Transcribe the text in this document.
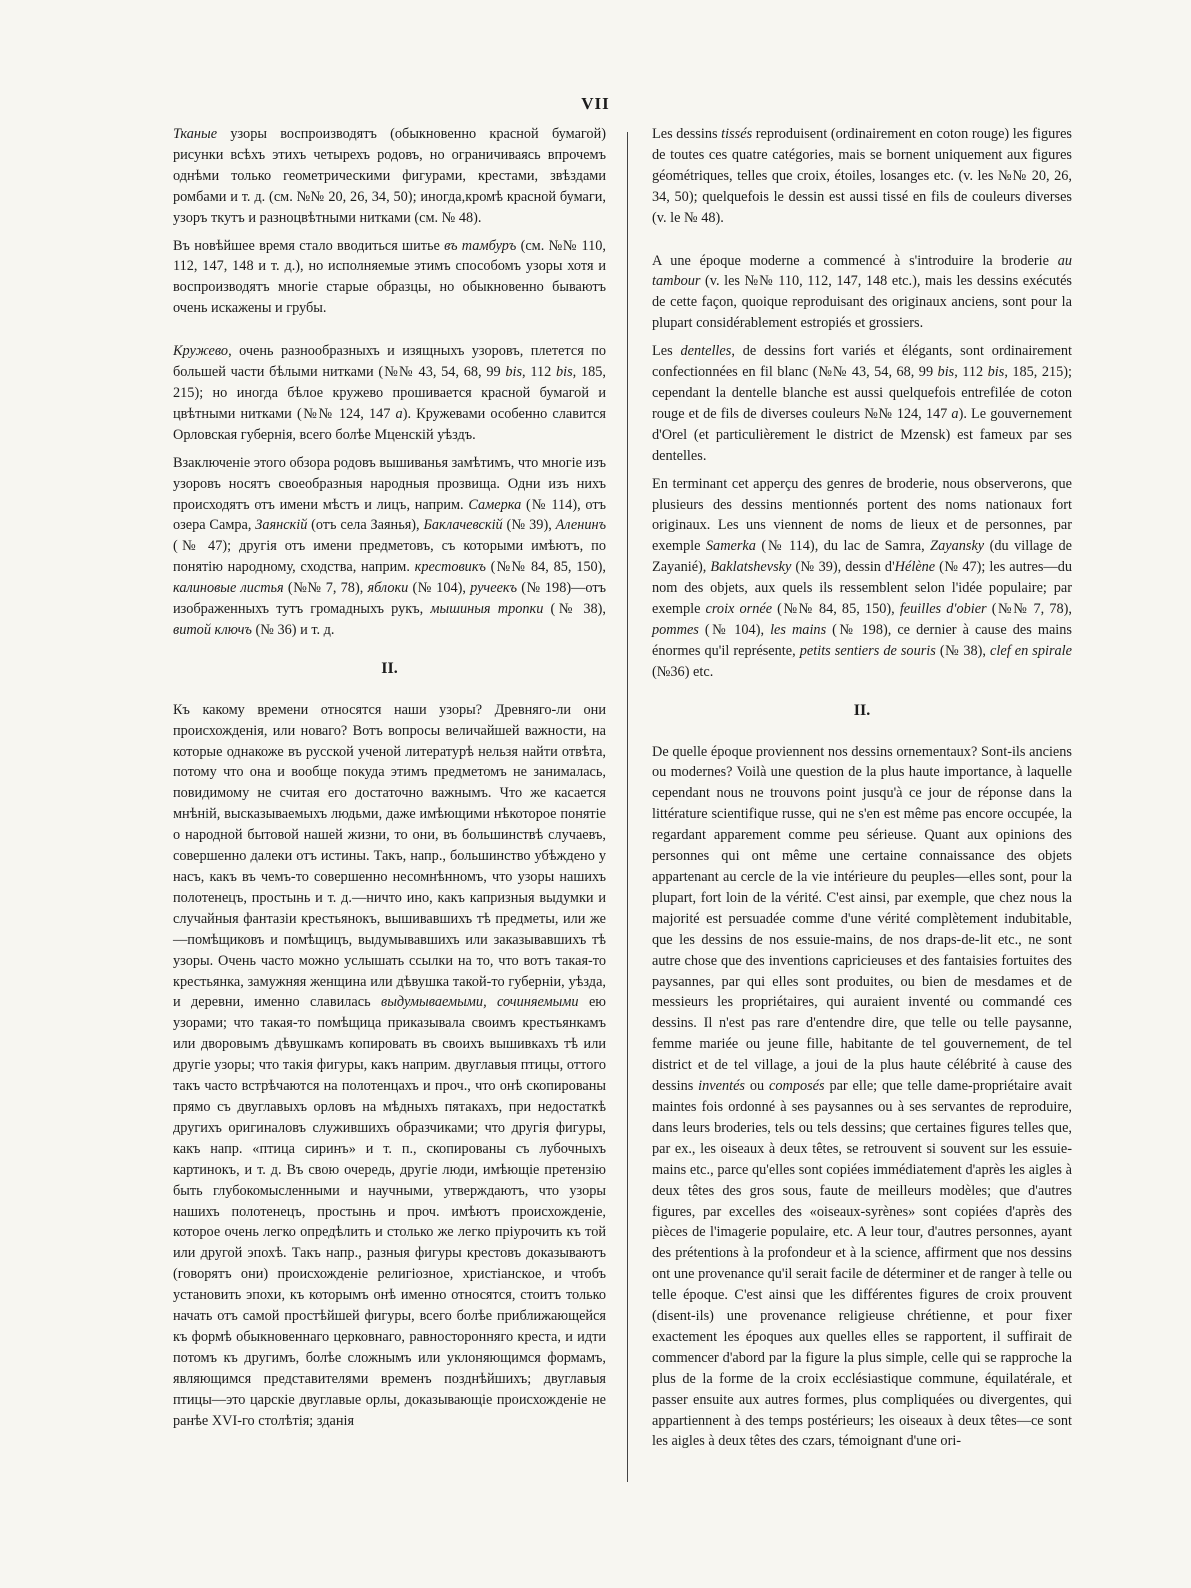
VII

Тканые узоры воспроизводятъ (обыкновенно красной бумагой) рисунки всѣхъ этихъ четырехъ родовъ, но ограничиваясь впрочемъ однѣми только геометрическими фигурами, крестами, звѣздами ромбами и т. д. (см. №№ 20, 26, 34, 50); иногда,кромѣ красной бумаги, узоръ ткутъ и разноцвѣтными нитками (см. № 48).

Въ новѣйшее время стало вводиться шитье въ тамбуръ (см. №№ 110, 112, 147, 148 и т. д.), но исполняемые этимъ способомъ узоры хотя и воспроизводятъ многiе старые образцы, но обыкновенно бываютъ очень искажены и грубы.

Кружево, очень разнообразныхъ и изящныхъ узоровъ, плетется по большей части бѣлыми нитками (№№ 43, 54, 68, 99 bis, 112 bis, 185, 215); но иногда бѣлое кружево прошивается красной бумагой и цвѣтными нитками (№№ 124, 147 а). Кружевами особенно славится Орловская губернія, всего болѣе Мценскій уѣздъ.

Взаключеніе этого обзора родовъ вышиванья замѣтимъ, что многіе изъ узоровъ носятъ своеобразныя народныя прозвища. Одни изъ нихъ происходятъ отъ имени мѣстъ и лицъ, наприм. Самерка (№ 114), отъ озера Самра, Заянскій (отъ села Заянья), Баклачевскій (№ 39), Аленинъ (№ 47); другія отъ имени предметовъ, съ которыми имѣютъ, по понятію народному, сходства, наприм. крестовикъ (№№ 84, 85, 150), калиновые листья (№№ 7, 78), яблоки (№ 104), ручеекъ (№ 198)—отъ изображенныхъ тутъ громадныхъ рукъ, мышиныя тропки (№ 38), витой ключъ (№ 36) и т. д.

II.

Къ какому времени относятся наши узоры? Древняго-ли они происхожденія, или новаго? Вотъ вопросы величайшей важности, на которые однакоже въ русской ученой литературѣ нельзя найти отвѣта, потому что она и вообще покуда этимъ предметомъ не занималась, повидимому не считая его достаточно важнымъ. Что же касается мнѣній, высказываемыхъ людьми, даже имѣющими нѣкоторое понятіе о народной бытовой нашей жизни, то они, въ большинствѣ случаевъ, совершенно далеки отъ истины. Такъ, напр., большинство убѣждено у насъ, какъ въ чемъ-то совершенно несомнѣнномъ, что узоры нашихъ полотенецъ, простынь и т. д.—ничто ино, какъ капризныя выдумки и случайныя фантазіи крестьянокъ, вышивавшихъ тѣ предметы, или же—помѣщиковъ и помѣщицъ, выдумывавшихъ или заказывавшихъ тѣ узоры. Очень часто можно услышать ссылки на то, что вотъ такая-то крестьянка, замужняя женщина или дѣвушка такой-то губерніи, уѣзда, и деревни, именно славилась выдумываемыми, сочиняемыми ею узорами; что такая-то помѣщица приказывала своимъ крестьянкамъ или дворовымъ дѣвушкамъ копировать въ своихъ вышивкахъ тѣ или другіе узоры; что такія фигуры, какъ наприм. двуглавыя птицы, оттого такъ часто встрѣчаются на полотенцахъ и проч., что онѣ скопированы прямо съ двуглавыхъ орловъ на мѣдныхъ пятакахъ, при недостаткѣ другихъ оригиналовъ служившихъ образчиками; что другія фигуры, какъ напр. «птица сиринъ» и т. п., скопированы съ лубочныхъ картинокъ, и т. д. Въ свою очередь, другіе люди, имѣющіе претензію быть глубокомысленными и научными, утверждаютъ, что узоры нашихъ полотенецъ, простынь и проч. имѣютъ происхожденіе, которое очень легко опредѣлить и столько же легко пріурочить къ той или другой эпохѣ. Такъ напр., разныя фигуры крестовъ доказываютъ (говорятъ они) происхожденіе религіозное, христіанское, и чтобъ установить эпохи, къ которымъ онѣ именно относятся, стоитъ только начать отъ самой простѣйшей фигуры, всего болѣе приближающейся къ формѣ обыкновеннаго церковнаго, равносторонняго креста, и идти потомъ къ другимъ, болѣе сложнымъ или уклоняющимся формамъ, являющимся представителями временъ позднѣйшихъ; двуглавыя птицы—это царскіе двуглавые орлы, доказывающіе происхожденіе не ранѣе XVI-го столѣтія; зданія

Les dessins tissés reproduisent (ordinairement en coton rouge) les figures de toutes ces quatre catégories, mais se bornent uniquement aux figures géométriques, telles que croix, étoiles, losanges etc. (v. les №№ 20, 26, 34, 50); quelquefois le dessin est aussi tissé en fils de couleurs diverses (v. le № 48).

A une époque moderne a commencé à s'introduire la broderie au tambour (v. les №№ 110, 112, 147, 148 etc.), mais les dessins exécutés de cette façon, quoique reproduisant des originaux anciens, sont pour la plupart considérablement estropiés et grossiers.

Les dentelles, de dessins fort variés et élégants, sont ordinairement confectionnées en fil blanc (№№ 43, 54, 68, 99 bis, 112 bis, 185, 215); cependant la dentelle blanche est aussi quelquefois entrefilée de coton rouge et de fils de diverses couleurs №№ 124, 147 a). Le gouvernement d'Orel (et particulièrement le district de Mzensk) est fameux par ses dentelles.

En terminant cet apperçu des genres de broderie, nous observerons, que plusieurs des dessins mentionnés portent des noms nationaux fort originaux. Les uns viennent de noms de lieux et de personnes, par exemple Samerka (№ 114), du lac de Samra, Zayansky (du village de Zayanié), Baklatshevsky (№ 39), dessin d'Hélène (№ 47); les autres—du nom des objets, aux quels ils ressemblent selon l'idée populaire; par exemple croix ornée (№№ 84, 85, 150), feuilles d'obier (№№ 7, 78), pommes (№ 104), les mains (№ 198), ce dernier à cause des mains énormes qu'il représente, petits sentiers de souris (№ 38), clef en spirale (№36) etc.

II.

De quelle époque proviennent nos dessins ornementaux? Sont-ils anciens ou modernes? Voilà une question de la plus haute importance, à laquelle cependant nous ne trouvons point jusqu'à ce jour de réponse dans la littérature scientifique russe, qui ne s'en est même pas encore occupée, la regardant apparement comme peu sérieuse. Quant aux opinions des personnes qui ont même une certaine connaissance des objets appartenant au cercle de la vie intérieure du peuples—elles sont, pour la plupart, fort loin de la vérité. C'est ainsi, par exemple, que chez nous la majorité est persuadée comme d'une vérité complètement indubitable, que les dessins de nos essuie-mains, de nos draps-de-lit etc., ne sont autre chose que des inventions capricieuses et des fantaisies fortuites des paysannes, par qui elles sont produites, ou bien de mesdames et de messieurs les propriétaires, qui auraient inventé ou commandé ces dessins. Il n'est pas rare d'entendre dire, que telle ou telle paysanne, femme mariée ou jeune fille, habitante de tel gouvernement, de tel district et de tel village, a joui de la plus haute célébrité à cause des dessins inventés ou composés par elle; que telle dame-propriétaire avait maintes fois ordonné à ses paysannes ou à ses servantes de reproduire, dans leurs broderies, tels ou tels dessins; que certaines figures telles que, par ex., les oiseaux à deux têtes, se retrouvent si souvent sur les essuie-mains etc., parce qu'elles sont copiées immédiatement d'après les aigles à deux têtes des gros sous, faute de meilleurs modèles; que d'autres figures, par excelles des «oiseaux-syrènes» sont copiées d'après des pièces de l'imagerie populaire, etc. A leur tour, d'autres personnes, ayant des prétentions à la profondeur et à la science, affirment que nos dessins ont une provenance qu'il serait facile de déterminer et de ranger à telle ou telle époque. C'est ainsi que les différentes figures de croix prouvent (disent-ils) une provenance religieuse chrétienne, et pour fixer exactement les époques aux quelles elles se rapportent, il suffirait de commencer d'abord par la figure la plus simple, celle qui se rapproche la plus de la forme de la croix ecclésiastique commune, équilatérale, et passer ensuite aux autres formes, plus compliquées ou divergentes, qui appartiennent à des temps postérieurs; les oiseaux à deux têtes—ce sont les aigles à deux têtes des czars, témoignant d'une ori-
